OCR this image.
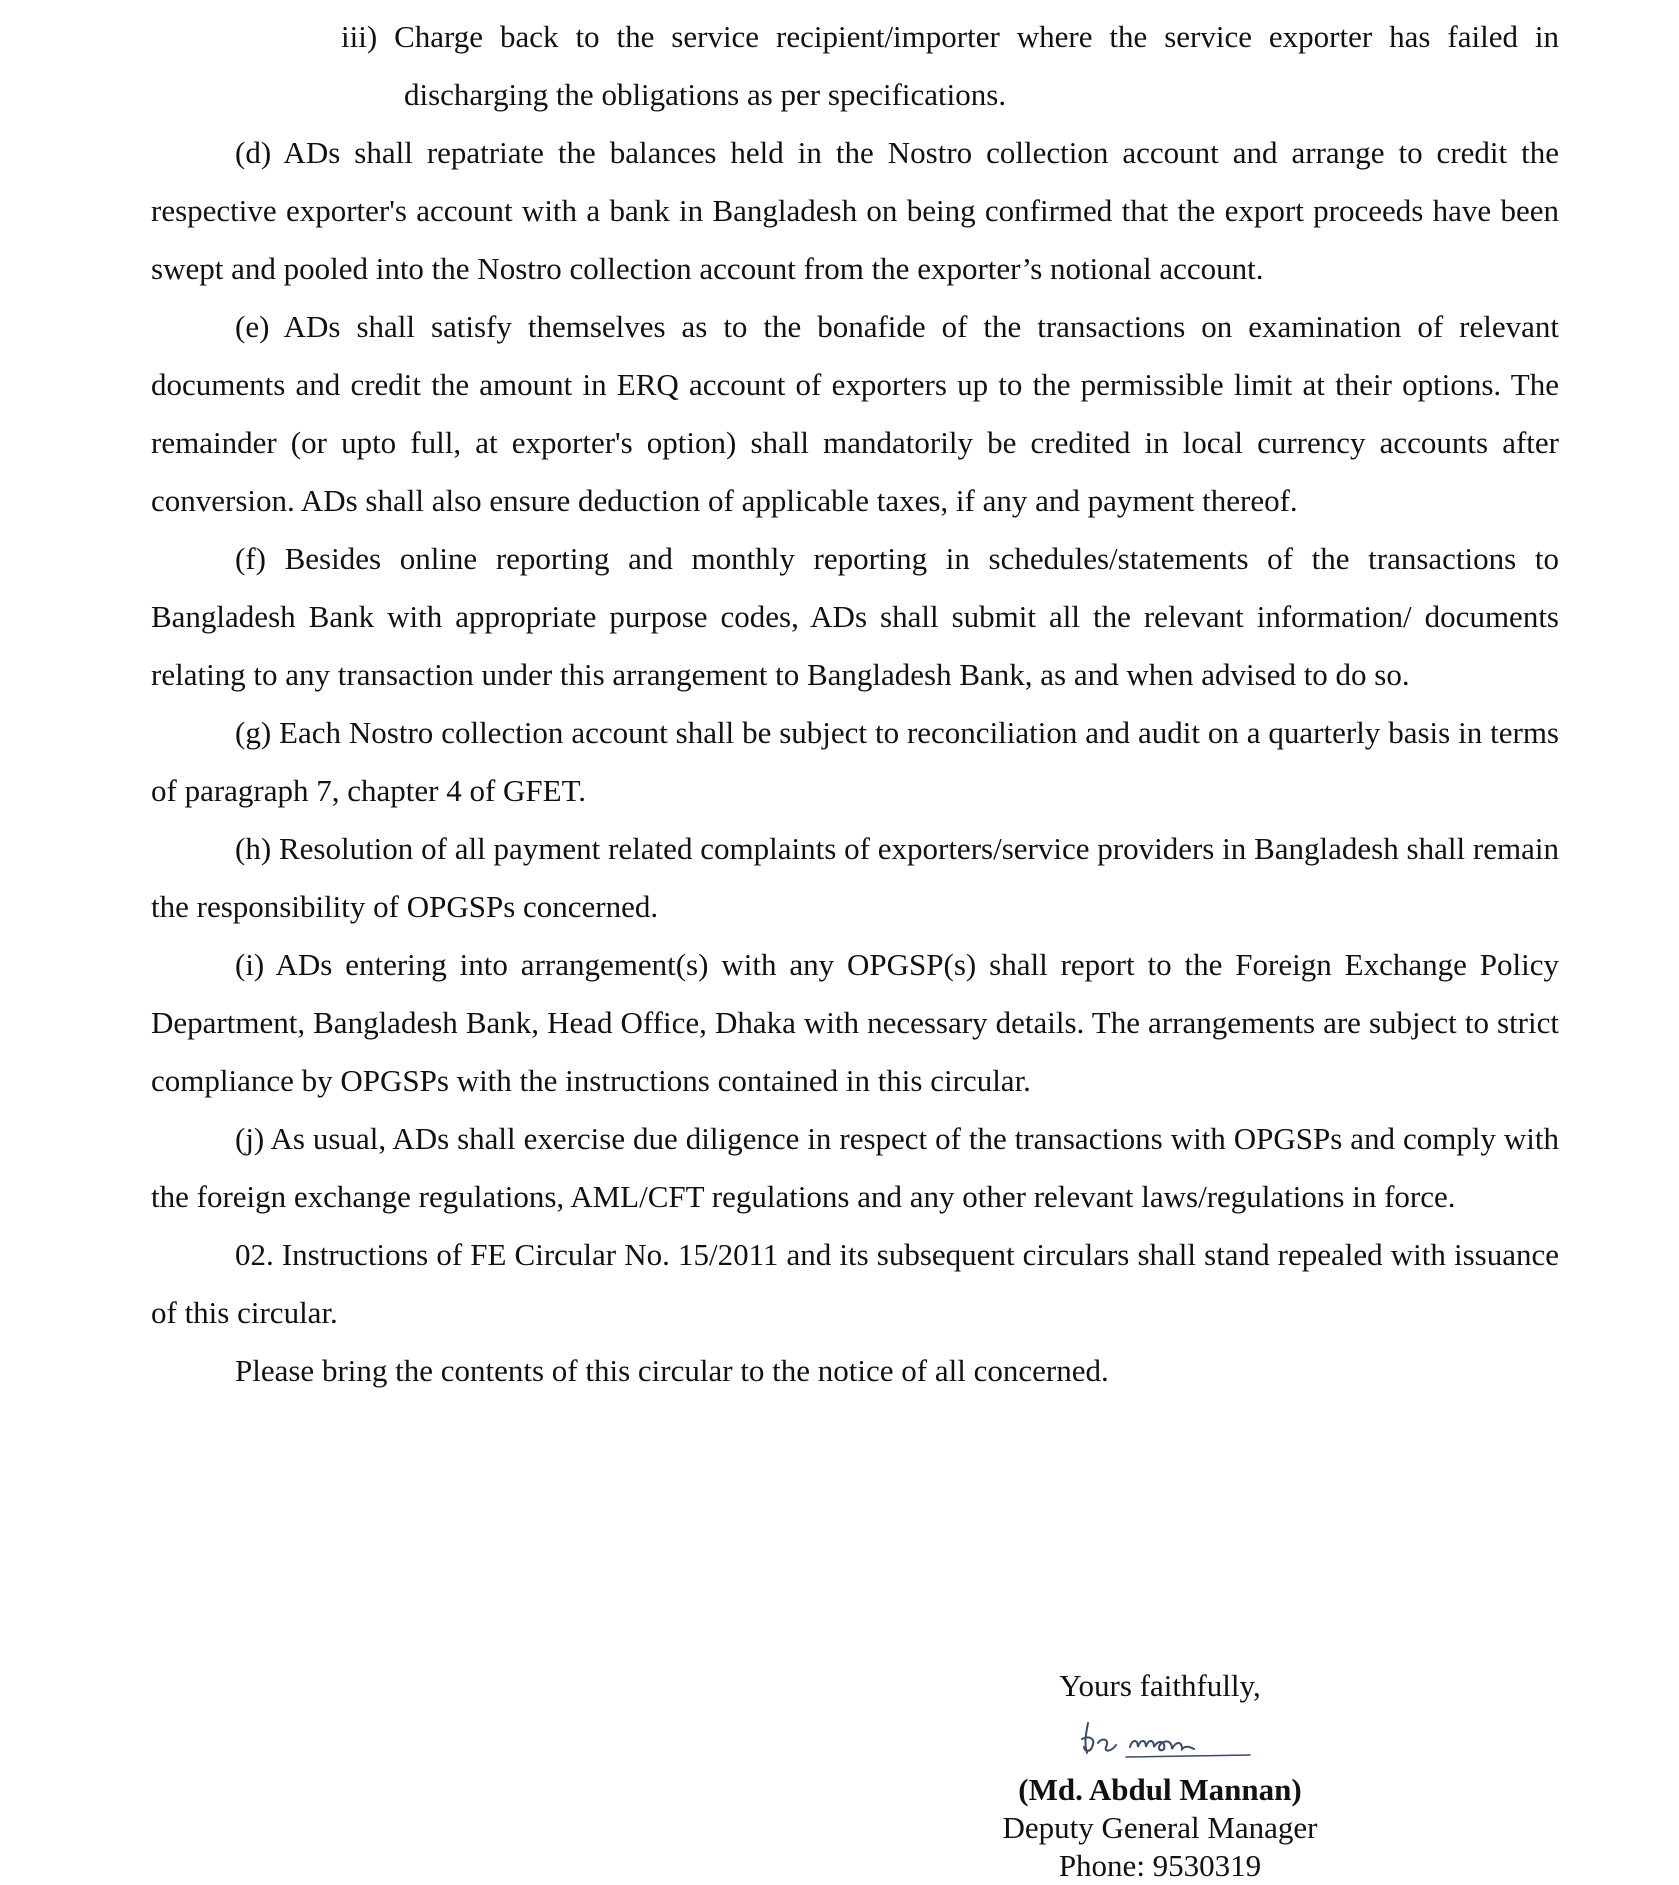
iii) Charge back to the service recipient/importer where the service exporter has failed in discharging the obligations as per specifications.

(d) ADs shall repatriate the balances held in the Nostro collection account and arrange to credit the respective exporter's account with a bank in Bangladesh on being confirmed that the export proceeds have been swept and pooled into the Nostro collection account from the exporter’s notional account.

(e) ADs shall satisfy themselves as to the bonafide of the transactions on examination of relevant documents and credit the amount in ERQ account of exporters up to the permissible limit at their options. The remainder (or upto full, at exporter's option) shall mandatorily be credited in local currency accounts after conversion. ADs shall also ensure deduction of applicable taxes, if any and payment thereof.

(f) Besides online reporting and monthly reporting in schedules/statements of the transactions to Bangladesh Bank with appropriate purpose codes, ADs shall submit all the relevant information/ documents relating to any transaction under this arrangement to Bangladesh Bank, as and when advised to do so.

(g) Each Nostro collection account shall be subject to reconciliation and audit on a quarterly basis in terms of paragraph 7, chapter 4 of GFET.

(h) Resolution of all payment related complaints of exporters/service providers in Bangladesh shall remain the responsibility of OPGSPs concerned.

(i) ADs entering into arrangement(s) with any OPGSP(s) shall report to the Foreign Exchange Policy Department, Bangladesh Bank, Head Office, Dhaka with necessary details. The arrangements are subject to strict compliance by OPGSPs with the instructions contained in this circular.

(j) As usual, ADs shall exercise due diligence in respect of the transactions with OPGSPs and comply with the foreign exchange regulations, AML/CFT regulations and any other relevant laws/regulations in force.

02. Instructions of FE Circular No. 15/2011 and its subsequent circulars shall stand repealed with issuance of this circular.

Please bring the contents of this circular to the notice of all concerned.

Yours faithfully,
(Md. Abdul Mannan)
Deputy General Manager
Phone: 9530319
